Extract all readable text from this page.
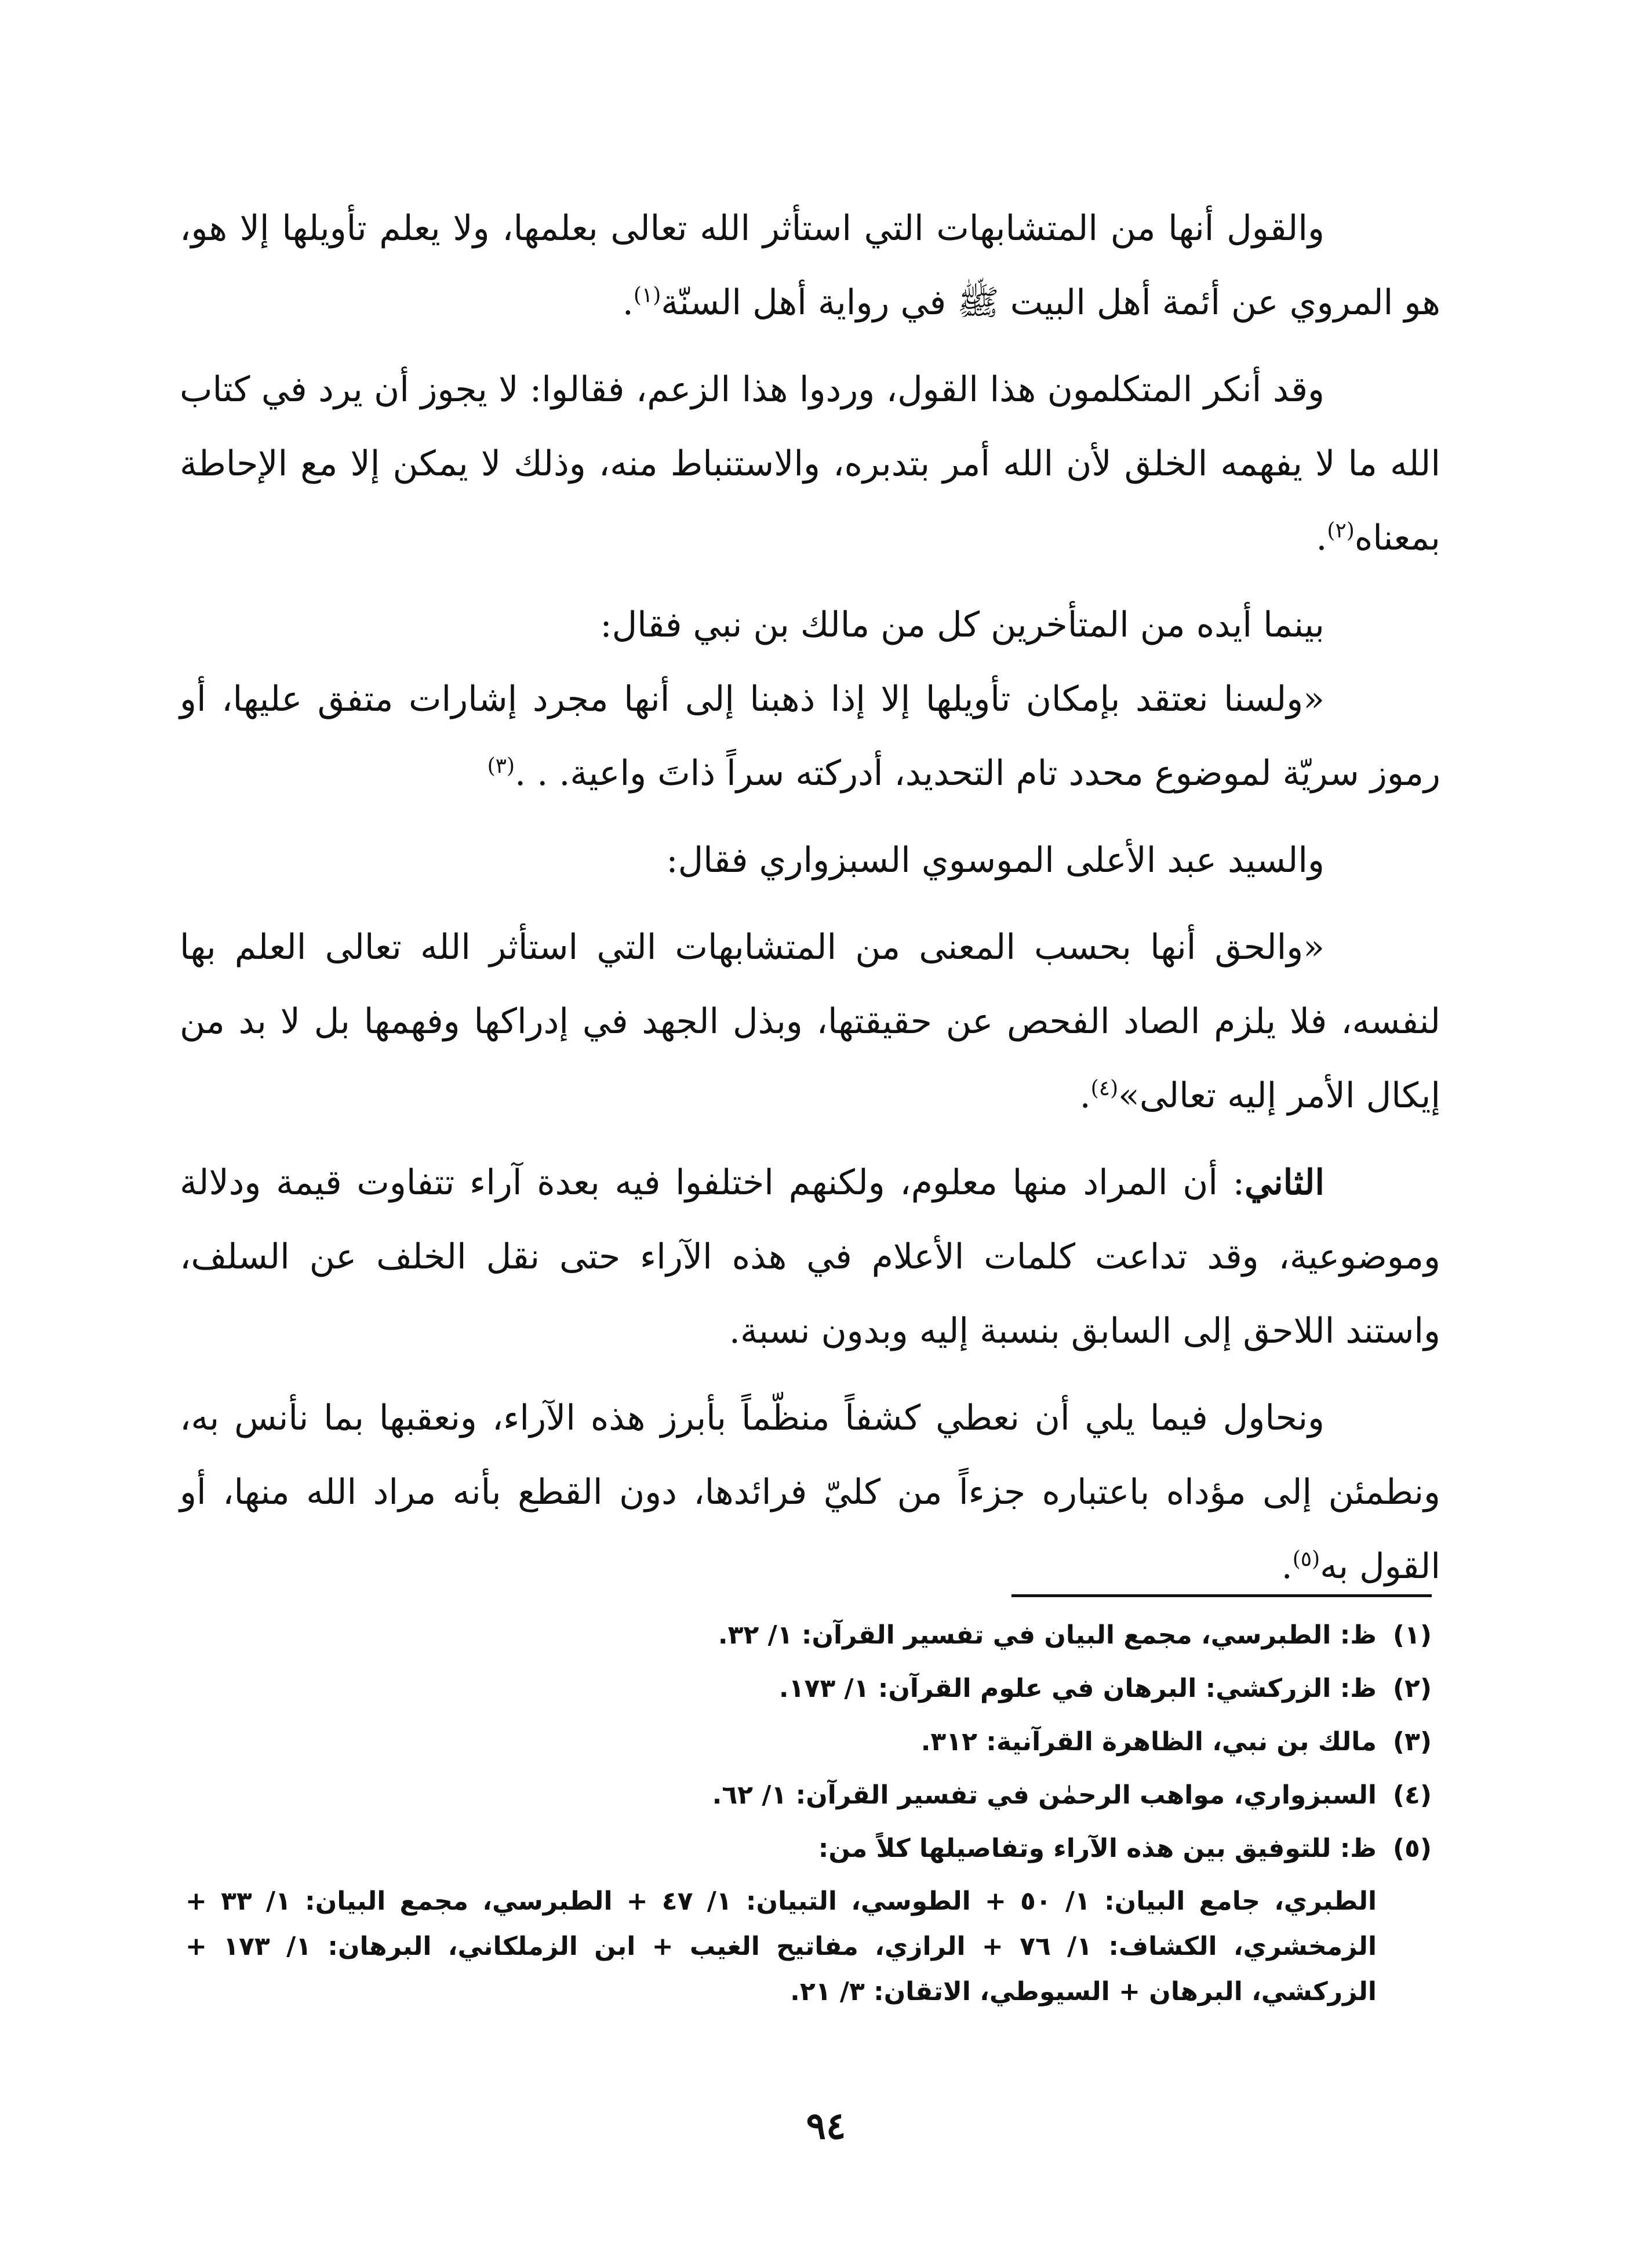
والقول أنها من المتشابهات التي استأثر الله تعالى بعلمها، ولا يعلم تأويلها إلا هو، هو المروي عن أئمة أهل البيت ﷺ في رواية أهل السنّة$^{(١)}$.

وقد أنكر المتكلمون هذا القول، وردوا هذا الزعم، فقالوا: لا يجوز أن يرد في كتاب الله ما لا يفهمه الخلق لأن الله أمر بتدبره، والاستنباط منه، وذلك لا يمكن إلا مع الإحاطة بمعناه$^{(٢)}$.

بينما أيده من المتأخرين كل من مالك بن نبي فقال:

«ولسنا نعتقد بإمكان تأويلها إلا إذا ذهبنا إلى أنها مجرد إشارات متفق عليها، أو رموز سريّة لموضوع محدد تام التحديد، أدركته سراً ذاتَ واعية. . .$^{(٣)}$

والسيد عبد الأعلى الموسوي السبزواري فقال:

«والحق أنها بحسب المعنى من المتشابهات التي استأثر الله تعالى العلم بها لنفسه، فلا يلزم الصاد الفحص عن حقيقتها، وبذل الجهد في إدراكها وفهمها بل لا بد من إيكال الأمر إليه تعالى»$^{(٤)}$.

الثاني: أن المراد منها معلوم، ولكنهم اختلفوا فيه بعدة آراء تتفاوت قيمة ودلالة وموضوعية، وقد تداعت كلمات الأعلام في هذه الآراء حتى نقل الخلف عن السلف، واستند اللاحق إلى السابق بنسبة إليه وبدون نسبة.

ونحاول فيما يلي أن نعطي كشفاً منظّماً بأبرز هذه الآراء، ونعقبها بما نأنس به، ونطمئن إلى مؤداه باعتباره جزءاً من كليّ فرائدها، دون القطع بأنه مراد الله منها، أو القول به$^{(٥)}$.

(١)
ظ: الطبرسي، مجمع البيان في تفسير القرآن: ١/ ٣٢.
(٢)
ظ: الزركشي: البرهان في علوم القرآن: ١/ ١٧٣.
(٣)
مالك بن نبي، الظاهرة القرآنية: ٣١٢.
(٤)
السبزواري، مواهب الرحمٰن في تفسير القرآن: ١/ ٦٢.
(٥)
ظ: للتوفيق بين هذه الآراء وتفاصيلها كلاً من:
الطبري، جامع البيان: ١/ ٥٠ + الطوسي، التبيان: ١/ ٤٧ + الطبرسي، مجمع البيان: ١/ ٣٣ + الزمخشري، الكشاف: ١/ ٧٦ + الرازي، مفاتيح الغيب + ابن الزملكاني، البرهان: ١/ ١٧٣ + الزركشي، البرهان + السيوطي، الاتقان: ٣/ ٢١.
٩٤
